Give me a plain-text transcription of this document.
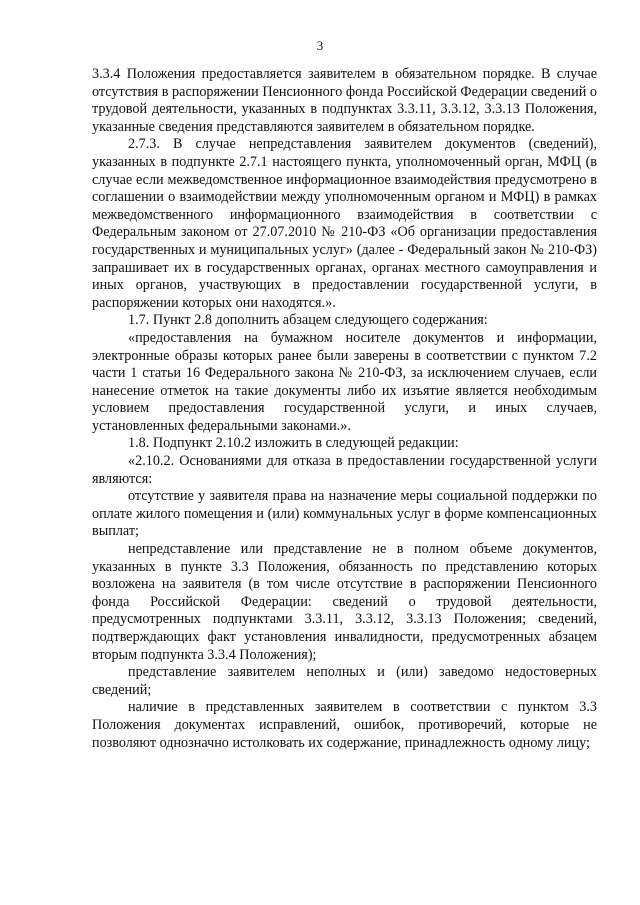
3

3.3.4 Положения предоставляется заявителем в обязательном порядке. В случае отсутствия в распоряжении Пенсионного фонда Российской Федерации сведений о трудовой деятельности, указанных в подпунктах 3.3.11, 3.3.12, 3.3.13 Положения, указанные сведения представляются заявителем в обязательном порядке.

2.7.3. В случае непредставления заявителем документов (сведений), указанных в подпункте 2.7.1 настоящего пункта, уполномоченный орган, МФЦ (в случае если межведомственное информационное взаимодействия предусмотрено в соглашении о взаимодействии между уполномоченным органом и МФЦ) в рамках межведомственного информационного взаимодействия в соответствии с Федеральным законом от 27.07.2010 № 210-ФЗ «Об организации предоставления государственных и муниципальных услуг» (далее - Федеральный закон № 210-ФЗ) запрашивает их в государственных органах, органах местного самоуправления и иных органов, участвующих в предоставлении государственной услуги, в распоряжении которых они находятся.».

1.7. Пункт 2.8 дополнить абзацем следующего содержания:

«предоставления на бумажном носителе документов и информации, электронные образы которых ранее были заверены в соответствии с пунктом 7.2 части 1 статьи 16 Федерального закона № 210-ФЗ, за исключением случаев, если нанесение отметок на такие документы либо их изъятие является необходимым условием предоставления государственной услуги, и иных случаев, установленных федеральными законами.».

1.8. Подпункт 2.10.2 изложить в следующей редакции:

«2.10.2. Основаниями для отказа в предоставлении государственной услуги являются:

отсутствие у заявителя права на назначение меры социальной поддержки по оплате жилого помещения и (или) коммунальных услуг в форме компенсационных выплат;

непредставление или представление не в полном объеме документов, указанных в пункте 3.3 Положения, обязанность по представлению которых возложена на заявителя (в том числе отсутствие в распоряжении Пенсионного фонда Российской Федерации: сведений о трудовой деятельности, предусмотренных подпунктами 3.3.11, 3.3.12, 3.3.13 Положения; сведений, подтверждающих факт установления инвалидности, предусмотренных абзацем вторым подпункта 3.3.4 Положения);

представление заявителем неполных и (или) заведомо недостоверных сведений;

наличие в представленных заявителем в соответствии с пунктом 3.3 Положения документах исправлений, ошибок, противоречий, которые не позволяют однозначно истолковать их содержание, принадлежность одному лицу;
